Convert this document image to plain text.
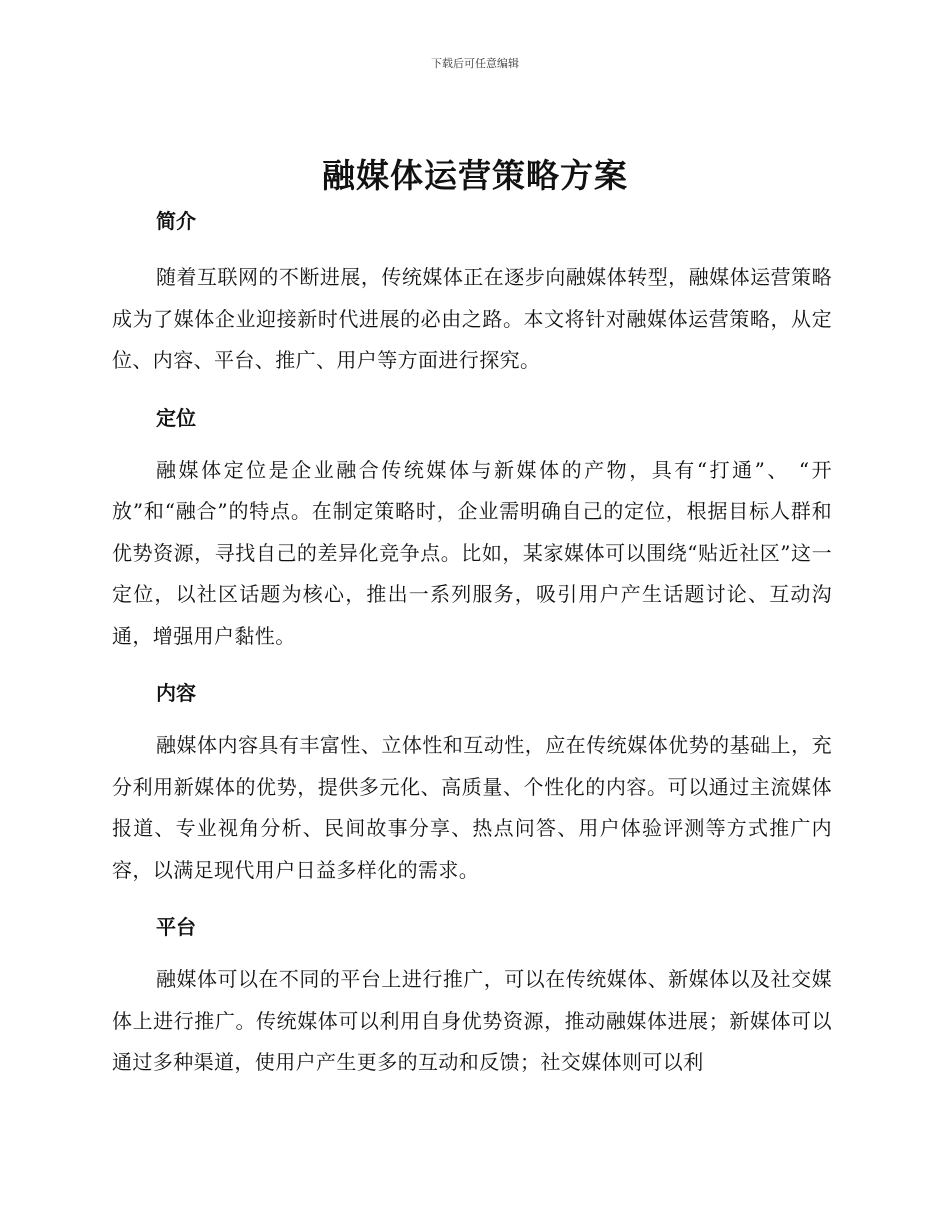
下载后可任意编辑
融媒体运营策略方案
简介

随着互联网的不断进展，传统媒体正在逐步向融媒体转型，融媒体运营策略成为了媒体企业迎接新时代进展的必由之路。本文将针对融媒体运营策略，从定位、内容、平台、推广、用户等方面进行探究。

定位

融媒体定位是企业融合传统媒体与新媒体的产物，具有“打通”、 “开放”和“融合”的特点。在制定策略时，企业需明确自己的定位，根据目标人群和优势资源，寻找自己的差异化竞争点。比如，某家媒体可以围绕“贴近社区”这一定位，以社区话题为核心，推出一系列服务，吸引用户产生话题讨论、互动沟通，增强用户黏性。

内容

融媒体内容具有丰富性、立体性和互动性，应在传统媒体优势的基础上，充分利用新媒体的优势，提供多元化、高质量、个性化的内容。可以通过主流媒体报道、专业视角分析、民间故事分享、热点问答、用户体验评测等方式推广内容，以满足现代用户日益多样化的需求。

平台

融媒体可以在不同的平台上进行推广，可以在传统媒体、新媒体以及社交媒体上进行推广。传统媒体可以利用自身优势资源，推动融媒体进展；新媒体可以通过多种渠道，使用户产生更多的互动和反馈；社交媒体则可以利
